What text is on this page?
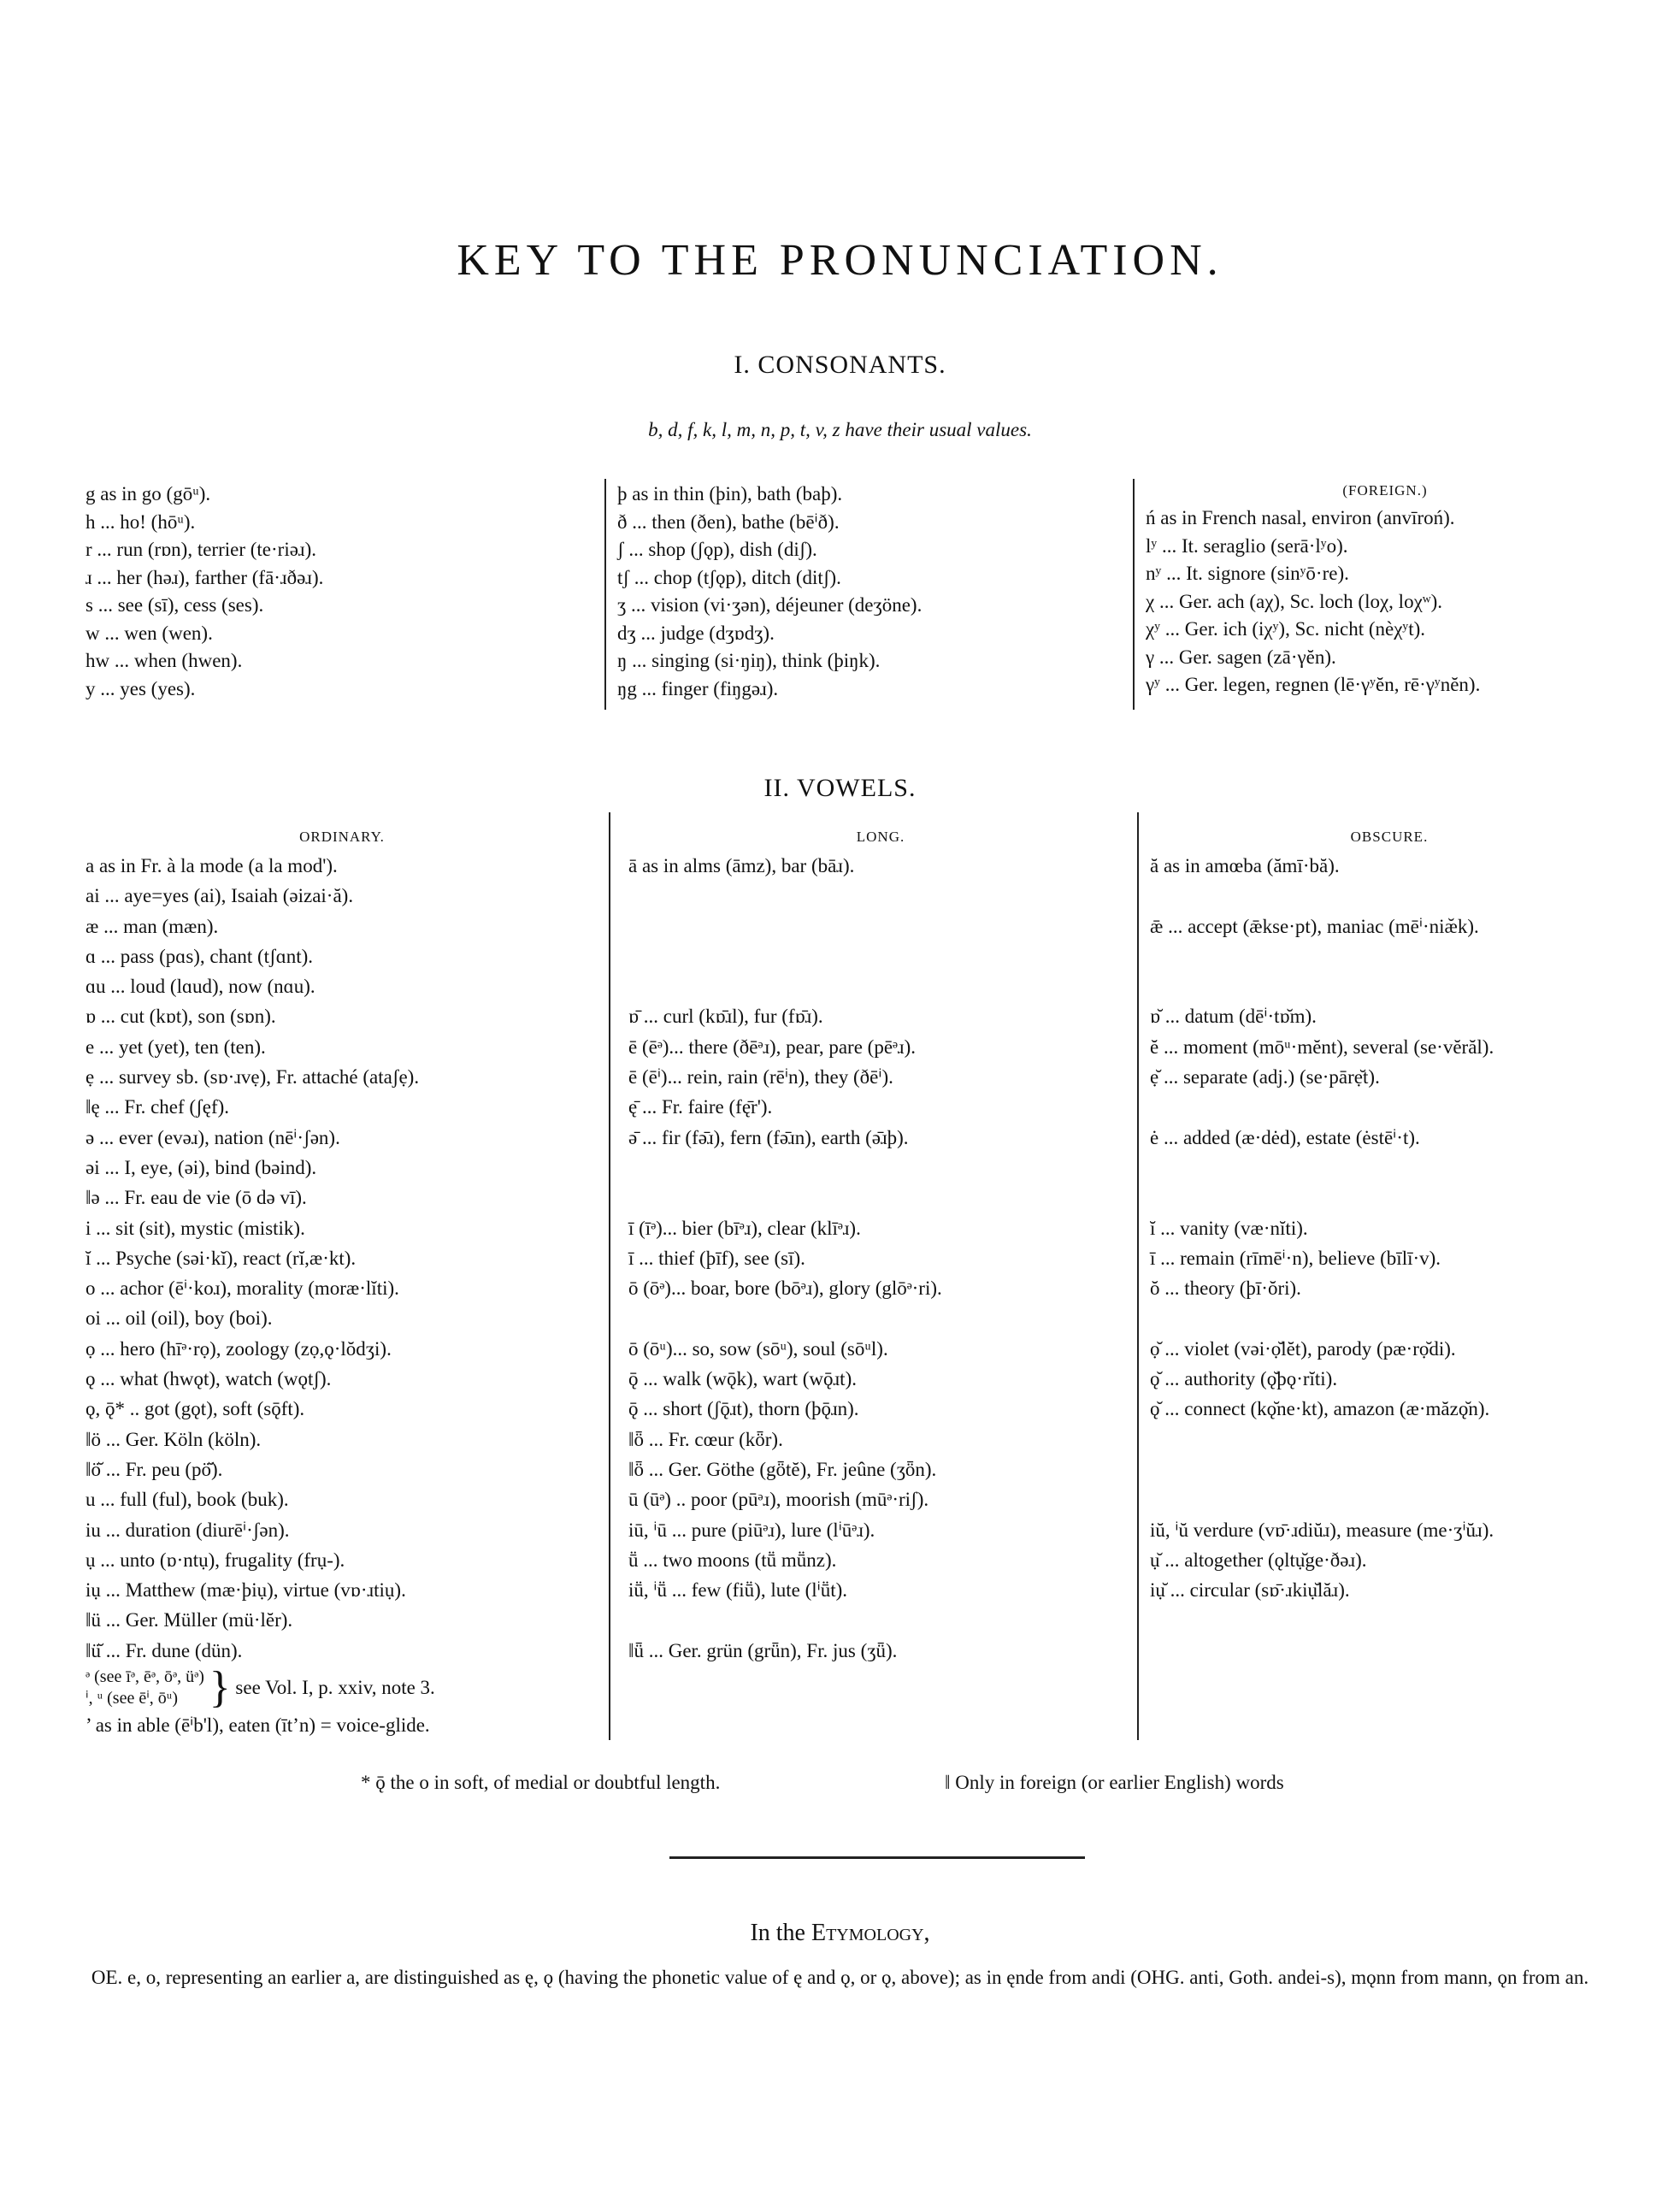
KEY TO THE PRONUNCIATION.
I. CONSONANTS.
b, d, f, k, l, m, n, p, t, v, z have their usual values.
g as in go (gōᵘ).
h ... ho! (hōᵘ).
r ... run (rɒn), terrier (te·riəɹ).
ɹ ... her (həɹ), farther (fā·ɹðəɹ).
s ... see (sī), cess (ses).
w ... wen (wen).
hw ... when (hwen).
y ... yes (yes).
þ as in thin (þin), bath (baþ).
ð ... then (ðen), bathe (bēⁱð).
ʃ ... shop (ʃǫp), dish (diʃ).
tʃ ... chop (tʃǫp), ditch (ditʃ).
ʒ ... vision (vi·ʒən), déjeuner (deʒöne).
dʒ ... judge (dʒɒdʒ).
ŋ ... singing (si·ŋiŋ), think (þiŋk).
ŋg ... finger (fiŋgəɹ).
(FOREIGN.)
ń as in French nasal, environ (anvīroń).
lʸ ... It. seraglio (serā·lʸo).
nʸ ... It. signore (sinʸō·re).
χ ... Ger. ach (aχ), Sc. loch (loχ, loχʷ).
χʸ ... Ger. ich (iχʸ), Sc. nicht (nèχʸt).
γ ... Ger. sagen (zā·γĕn).
γʸ ... Ger. legen, regnen (lē·γʸĕn, rē·γʸnĕn).
II. VOWELS.
ORDINARY.
a as in Fr. à la mode (a la mod').
ai ... aye=yes (ai), Isaiah (əizai·ă).
æ ... man (mæn).
ɑ ... pass (pɑs), chant (tʃɑnt).
ɑu ... loud (lɑud), now (nɑu).
ɒ ... cut (kɒt), son (sɒn).
e ... yet (yet), ten (ten).
ẹ ... survey sb. (sɒ·ɹvẹ), Fr. attaché (ataʃẹ).
‖ę ... Fr. chef (ʃęf).
ə ... ever (evəɹ), nation (nēⁱ·ʃən).
əi ... I, eye, (əi), bind (bəind).
‖ə ... Fr. eau de vie (ō də vī).
i ... sit (sit), mystic (mistik).
ĭ ... Psyche (səi·kĭ), react (rĭ,æ·kt).
o ... achor (ēⁱ·koɹ), morality (moræ·lĭti).
oi ... oil (oil), boy (boi).
ọ ... hero (hīᵊ·rọ), zoology (zọ,ǫ·lŏdʒi).
ǫ ... what (hwǫt), watch (wǫtʃ).
ǫ, ǭ* .. got (gǫt), soft (sǭft).
‖ö ... Ger. Köln (köln).
‖ö̆ ... Fr. peu (pö̆).
u ... full (ful), book (buk).
iu ... duration (diurēⁱ·ʃən).
ụ ... unto (ɒ·ntụ), frugality (frụ-).
iụ ... Matthew (mæ·þiụ), virtue (vɒ·ɹtiụ).
‖ü ... Ger. Müller (mü·lĕr).
‖ü̆ ... Fr. dune (dün).
ᵊ (see īᵊ, ēᵊ, ōᵊ, üᵊ)
ⁱ, ᵘ (see ēⁱ, ōᵘ) } see Vol. I, p. xxiv, note 3.
’ as in able (ēⁱb'l), eaten (ītʼn) = voice-glide.
LONG.
ā as in alms (āmz), bar (bāɹ).
ɒ̄ ... curl (kɒ̄ɹl), fur (fɒ̄ɹ).
ē (ēᵊ)... there (ðēᵊɹ), pear, pare (pēᵊɹ).
ē (ēⁱ)... rein, rain (rēⁱn), they (ðēⁱ).
ę̄ ... Fr. faire (fę̄r').
ə̄ ... fir (fə̄ɹ), fern (fə̄ɹn), earth (ə̄ɹþ).
ī (īᵊ)... bier (bīᵊɹ), clear (klīᵊɹ).
ī ... thief (þīf), see (sī).
ō (ōᵊ)... boar, bore (bōᵊɹ), glory (glōᵊ·ri).
ō (ōᵘ)... so, sow (sōᵘ), soul (sōᵘl).
ǭ ... walk (wǭk), wart (wǭɹt).
ǭ ... short (ʃǭɹt), thorn (þǭɹn).
‖ȫ ... Fr. cœur (kȫr).
‖ȫ ... Ger. Göthe (gȫtĕ), Fr. jeûne (ʒȫn).
ū (ūᵊ) .. poor (pūᵊɹ), moorish (mūᵊ·riʃ).
iū, ⁱū ... pure (piūᵊɹ), lure (lⁱūᵊɹ).
ṻ ... two moons (tṻ mṻnz).
iṻ, ⁱṻ ... few (fiṻ), lute (lⁱṻt).
‖ǖ ... Ger. grün (grǖn), Fr. jus (ʒǖ).
OBSCURE.
ă as in amœba (ămī·bă).
ǣ ... accept (ǣkse·pt), maniac (mēⁱ·niæ̆k).
ɒ̆ ... datum (dēⁱ·tɒ̆m).
ĕ ... moment (mōᵘ·mĕnt), several (se·vĕrăl).
ẹ̆ ... separate (adj.) (se·pārẹ̆t).
ė ... added (æ·dėd), estate (ėstēⁱ·t).
ĭ ... vanity (væ·nĭti).
ī ... remain (rīmēⁱ·n), believe (bīlī·v).
ŏ ... theory (þī·ŏri).
ọ̆ ... violet (vəi·ọ̆lĕt), parody (pæ·rọ̆di).
ǫ̆ ... authority (ǫ̆þǫ·rĭti).
ǫ̆ ... connect (kǫ̆ne·kt), amazon (æ·măzǫ̆n).
iŭ, ⁱŭ verdure (vɒ̄·ɹdiŭɹ), measure (me·ʒⁱŭɹ).
ụ̆ ... altogether (ǫltụ̆ge·ðəɹ).
iụ̆ ... circular (sɒ̄·ɹkiụ̆lăɹ).
* ǭ the o in soft, of medial or doubtful length.	‖ Only in foreign (or earlier English) words
In the Etymology,
OE. e, o, representing an earlier a, are distinguished as ę, ǫ (having the phonetic value of ę and ǫ, or ǫ, above); as in ęnde from andi (OHG. anti, Goth. andei-s), mǫnn from mann, ǫn from an.
